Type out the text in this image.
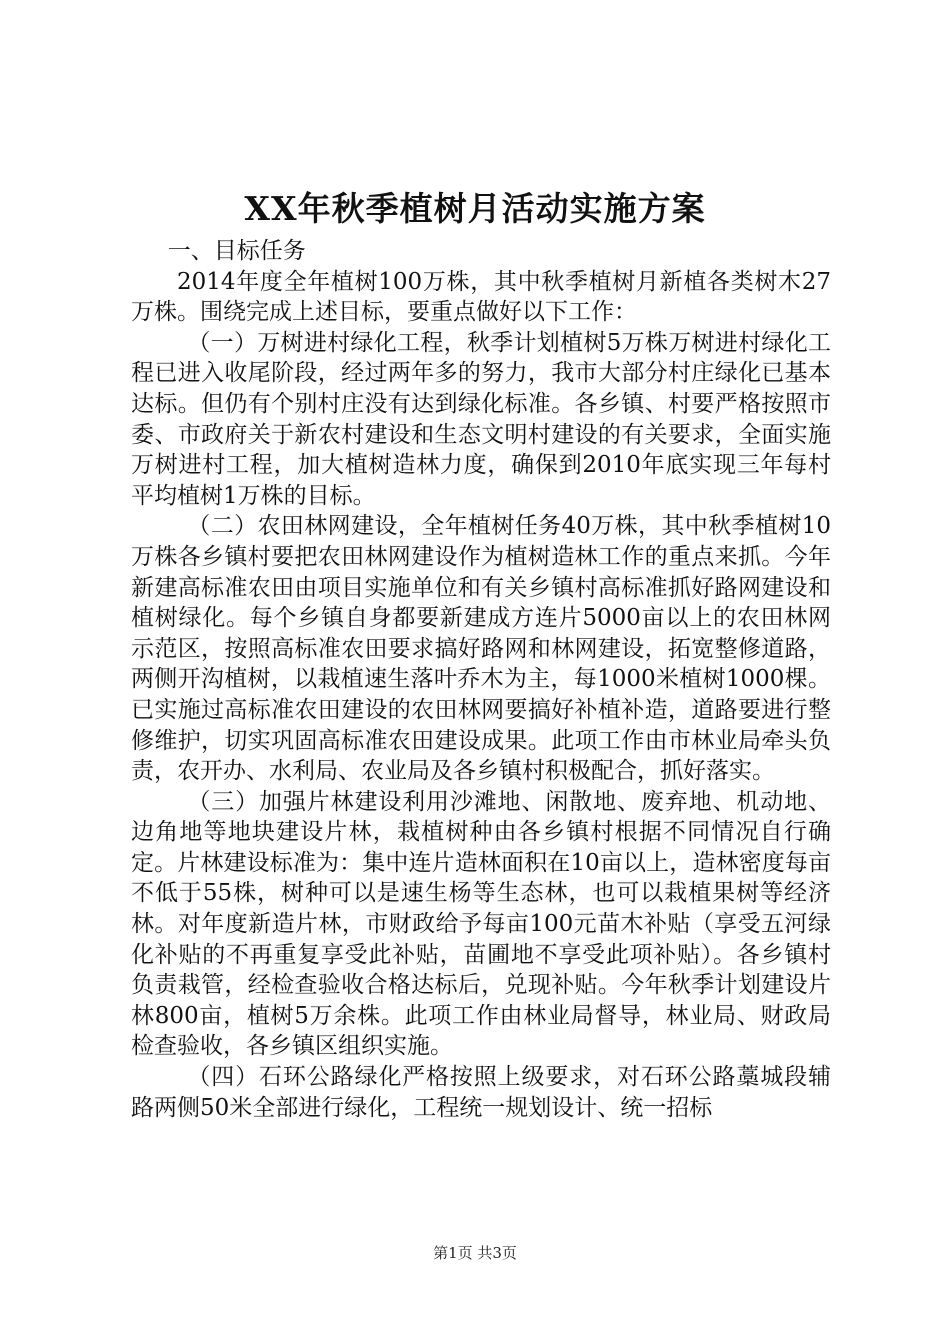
XX年秋季植树月活动实施方案

一、目标任务

2014年度全年植树100万株，其中秋季植树月新植各类树木27万株。围绕完成上述目标，要重点做好以下工作：

（一）万树进村绿化工程，秋季计划植树5万株万树进村绿化工程已进入收尾阶段，经过两年多的努力，我市大部分村庄绿化已基本达标。但仍有个别村庄没有达到绿化标准。各乡镇、村要严格按照市委、市政府关于新农村建设和生态文明村建设的有关要求，全面实施万树进村工程，加大植树造林力度，确保到2010年底实现三年每村平均植树1万株的目标。

（二）农田林网建设，全年植树任务40万株，其中秋季植树10万株各乡镇村要把农田林网建设作为植树造林工作的重点来抓。今年新建高标准农田由项目实施单位和有关乡镇村高标准抓好路网建设和植树绿化。每个乡镇自身都要新建成方连片5000亩以上的农田林网示范区，按照高标准农田要求搞好路网和林网建设，拓宽整修道路，两侧开沟植树，以栽植速生落叶乔木为主，每1000米植树1000棵。已实施过高标准农田建设的农田林网要搞好补植补造，道路要进行整修维护，切实巩固高标准农田建设成果。此项工作由市林业局牵头负责，农开办、水利局、农业局及各乡镇村积极配合，抓好落实。

（三）加强片林建设利用沙滩地、闲散地、废弃地、机动地、边角地等地块建设片林，栽植树种由各乡镇村根据不同情况自行确定。片林建设标准为：集中连片造林面积在10亩以上，造林密度每亩不低于55株，树种可以是速生杨等生态林，也可以栽植果树等经济林。对年度新造片林，市财政给予每亩100元苗木补贴（享受五河绿化补贴的不再重复享受此补贴，苗圃地不享受此项补贴）。各乡镇村负责栽管，经检查验收合格达标后，兑现补贴。今年秋季计划建设片林800亩，植树5万余株。此项工作由林业局督导，林业局、财政局检查验收，各乡镇区组织实施。

（四）石环公路绿化严格按照上级要求，对石环公路藁城段辅路两侧50米全部进行绿化，工程统一规划设计、统一招标

第1页 共3页
